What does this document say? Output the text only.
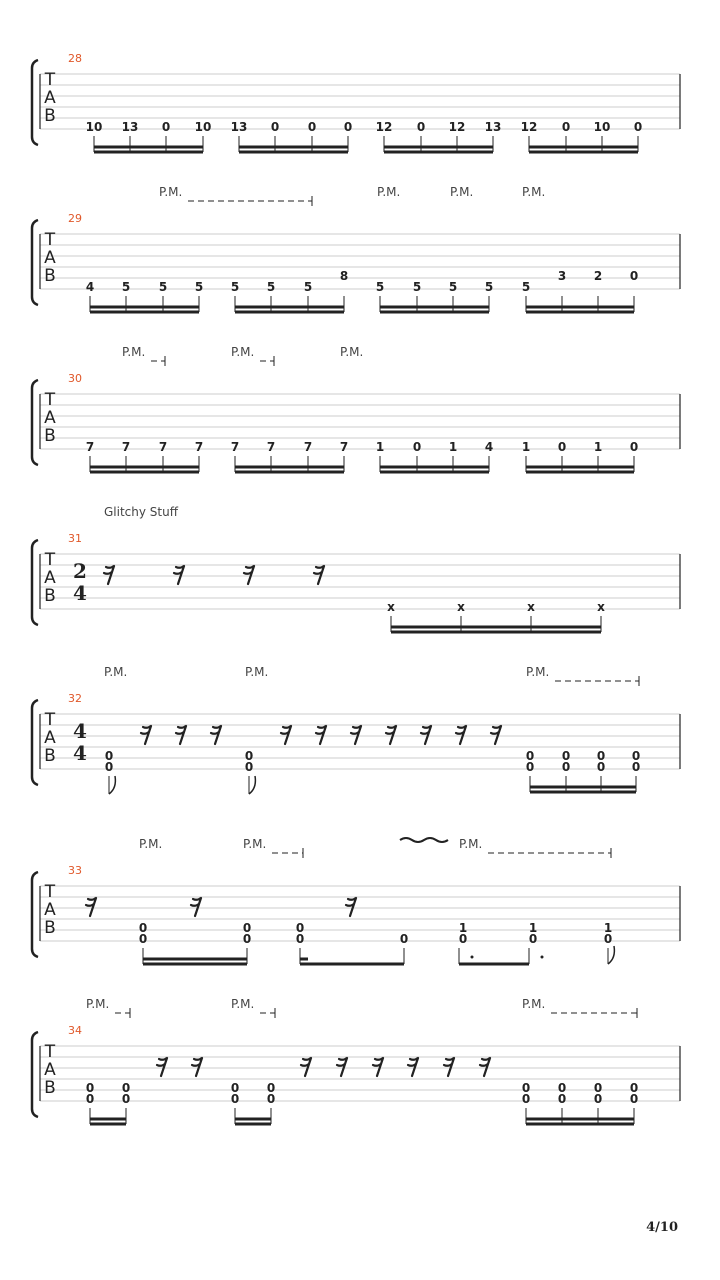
T
A
B
28
10 13 0 10 13 0 0 0 12 0 12 13 12 0 10 0
P.M.	P.M.	P.M.	P.M.
T
A
B
29
4 5 5 5 5 5 5
8
5 5 5 5 5
3 2 0
P.M.	P.M.	P.M.
T
A
B
30
7 7 7 7 7 7 7 7 1 0 1 4 1 0 1 0
Glitchy Stuff
T
A
B
31
2
4
x	x	x	x
P.M.	P.M.	P.M.
T
A
B
32
4
4 0
0
0
0
0
0
0
0
0
0
0
0
P.M.	P.M.	P.M.
T
A
B
33
0
0
0
0
0
0	0
1
0
1
0
1
0
P.M.	P.M.	P.M.
T
A
B
34
0
0
0
0
0
0
0
0
0
0
0
0
0
0
0
0
4/10
